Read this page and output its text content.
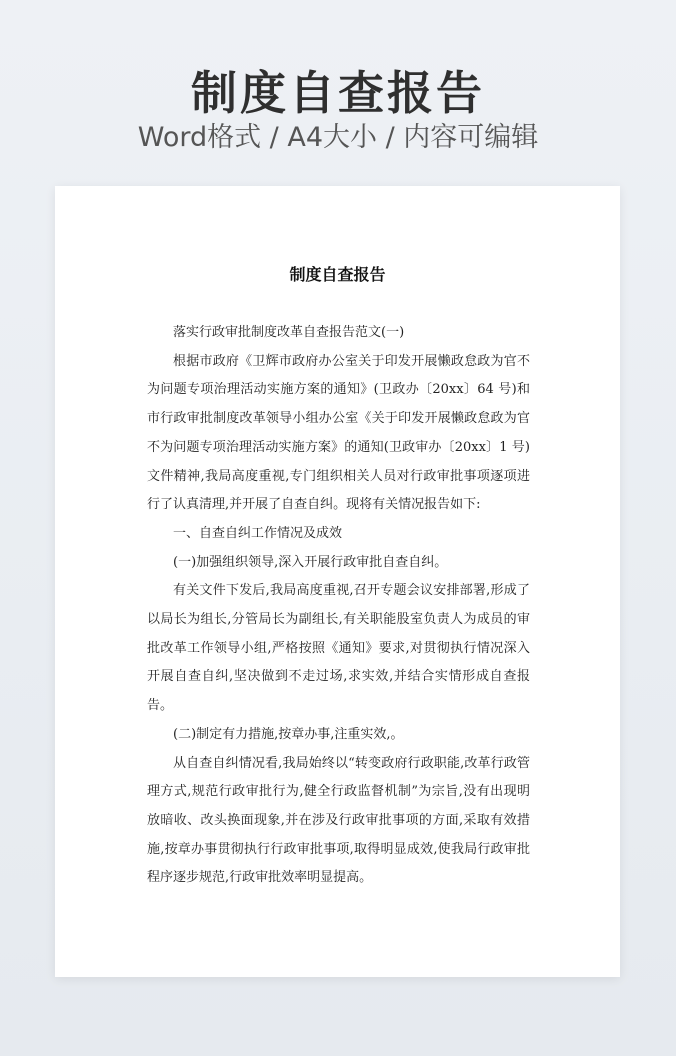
制度自查报告
Word格式 / A4大小 / 内容可编辑
制度自查报告

落实行政审批制度改革自查报告范文(一)

根据市政府《卫辉市政府办公室关于印发开展懒政怠政为官不为问题专项治理活动实施方案的通知》(卫政办〔20xx〕64 号)和市行政审批制度改革领导小组办公室《关于印发开展懒政怠政为官不为问题专项治理活动实施方案》的通知(卫政审办〔20xx〕1 号)文件精神,我局高度重视,专门组织相关人员对行政审批事项逐项进行了认真清理,并开展了自查自纠。现将有关情况报告如下:

一、自查自纠工作情况及成效

(一)加强组织领导,深入开展行政审批自查自纠。

有关文件下发后,我局高度重视,召开专题会议安排部署,形成了以局长为组长,分管局长为副组长,有关职能股室负责人为成员的审批改革工作领导小组,严格按照《通知》要求,对贯彻执行情况深入开展自查自纠,坚决做到不走过场,求实效,并结合实情形成自查报告。

(二)制定有力措施,按章办事,注重实效,。

从自查自纠情况看,我局始终以“转变政府行政职能,改革行政管理方式,规范行政审批行为,健全行政监督机制”为宗旨,没有出现明放暗收、改头换面现象,并在涉及行政审批事项的方面,采取有效措施,按章办事贯彻执行行政审批事项,取得明显成效,使我局行政审批程序逐步规范,行政审批效率明显提高。
